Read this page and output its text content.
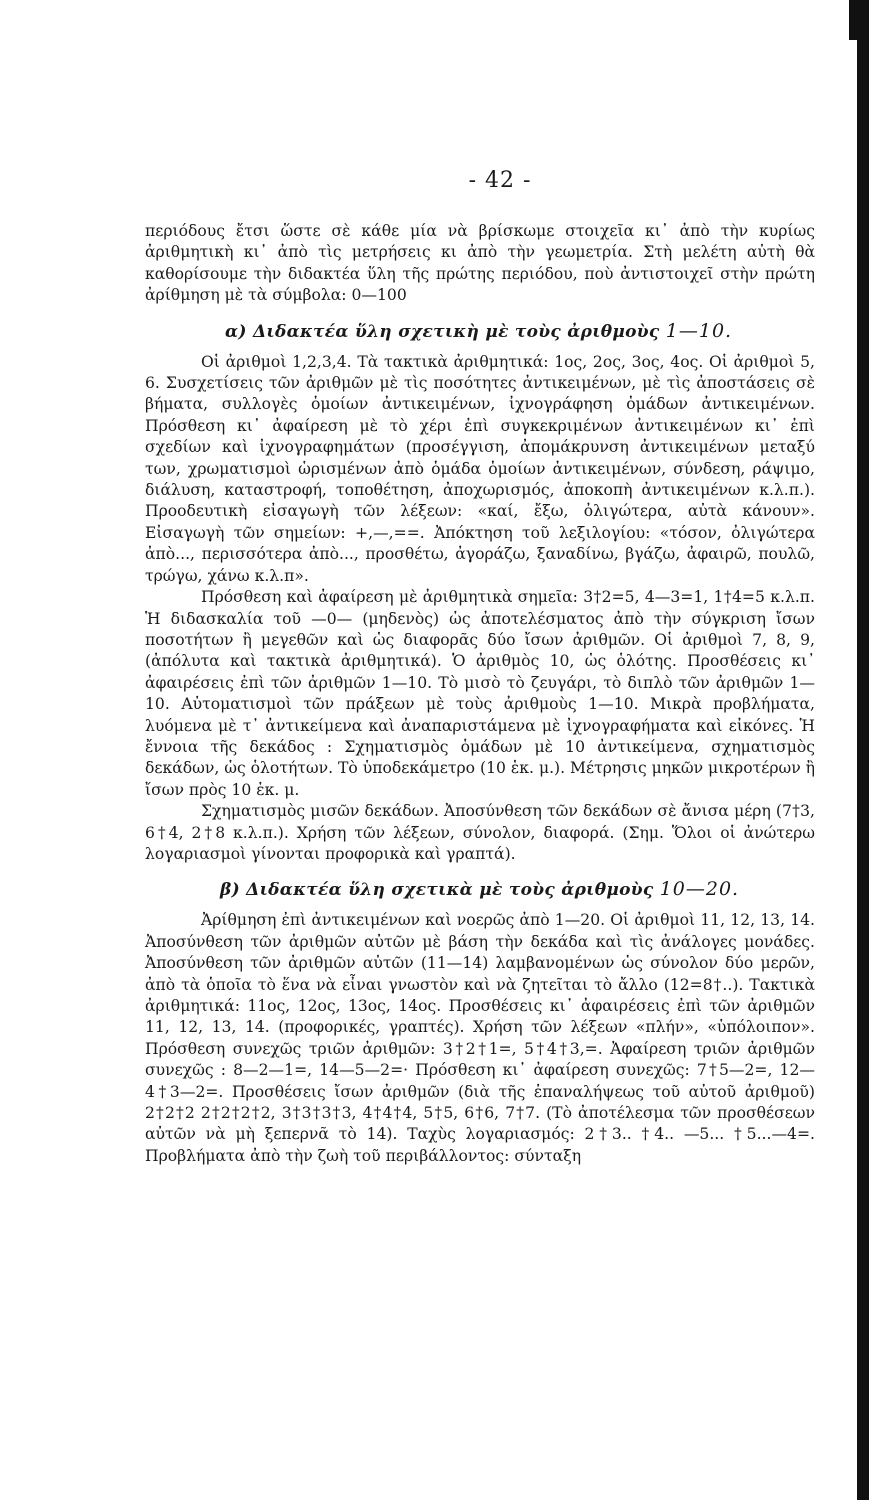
- 42 -

περιόδους ἔτσι ὥστε σὲ κάθε μία νὰ βρίσκωμε στοιχεῖα κι᾿ ἀπὸ τὴν κυρίως ἀριθμητικὴ κι᾿ ἀπὸ τὶς μετρήσεις κι ἀπὸ τὴν γεωμετρία. Στὴ μελέτη αὐτὴ θὰ καθορίσουμε τὴν διδακτέα ὕλη τῆς πρώτης περιόδου, ποὺ ἀντιστοιχεῖ στὴν πρώτη ἀρίθμηση μὲ τὰ σύμβολα: 0—100

α) Διδακτέα ὕλη σχετικὴ μὲ τοὺς ἀριθμοὺς 1—10.

Οἱ ἀριθμοὶ 1,2,3,4. Τὰ τακτικὰ ἀριθμητικά: 1ος, 2ος, 3ος, 4ος. Οἱ ἀριθμοὶ 5, 6. Συσχετίσεις τῶν ἀριθμῶν μὲ τὶς ποσότητες ἀντικειμένων, μὲ τὶς ἀποστάσεις σὲ βήματα, συλλογὲς ὁμοίων ἀντικειμένων, ἰχνογράφηση ὁμάδων ἀντικειμένων. Πρόσθεση κι᾿ ἀφαίρεση μὲ τὸ χέρι ἐπὶ συγκεκριμένων ἀντικειμένων κι᾿ ἐπὶ σχεδίων καὶ ἰχνογραφημάτων (προσέγγιση, ἀπομάκρυνση ἀντικειμένων μεταξύ των, χρωματισμοὶ ὡρισμένων ἀπὸ ὁμάδα ὁμοίων ἀντικειμένων, σύνδεση, ράψιμο, διάλυση, καταστροφή, τοποθέτηση, ἀποχωρισμός, ἀποκοπὴ ἀντικειμένων κ.λ.π.). Προοδευτικὴ εἰσαγωγὴ τῶν λέξεων: «καί, ἔξω, ὀλιγώτερα, αὐτὰ κάνουν». Εἰσαγωγὴ τῶν σημείων: +,—,==. Ἀπόκτηση τοῦ λεξιλογίου: «τόσον, ὀλιγώτερα ἀπὸ..., περισσότερα ἀπὸ..., προσθέτω, ἀγοράζω, ξαναδίνω, βγάζω, ἀφαιρῶ, πουλῶ, τρώγω, χάνω κ.λ.π».

Πρόσθεση καὶ ἀφαίρεση μὲ ἀριθμητικὰ σημεῖα: 3†2=5, 4—3=1, 1†4=5 κ.λ.π. Ἡ διδασκαλία τοῦ —0— (μηδενὸς) ὡς ἀποτελέσματος ἀπὸ τὴν σύγκριση ἴσων ποσοτήτων ἢ μεγεθῶν καὶ ὡς διαφορᾶς δύο ἴσων ἀριθμῶν. Οἱ ἀριθμοὶ 7, 8, 9, (ἀπόλυτα καὶ τακτικὰ ἀριθμητικά). Ὁ ἀριθμὸς 10, ὡς ὁλότης. Προσθέσεις κι᾿ ἀφαιρέσεις ἐπὶ τῶν ἀριθμῶν 1—10. Τὸ μισὸ τὸ ζευγάρι, τὸ διπλὸ τῶν ἀριθμῶν 1—10. Αὐτοματισμοὶ τῶν πράξεων μὲ τοὺς ἀριθμοὺς 1—10. Μικρὰ προβλήματα, λυόμενα μὲ τ᾿ ἀντικείμενα καὶ ἀναπαριστάμενα μὲ ἰχνογραφήματα καὶ εἰκόνες. Ἡ ἔννοια τῆς δεκάδος : Σχηματισμὸς ὁμάδων μὲ 10 ἀντικείμενα, σχηματισμὸς δεκάδων, ὡς ὁλοτήτων. Τὸ ὑποδεκάμετρο (10 ἑκ. μ.). Μέτρησις μηκῶν μικροτέρων ἢ ἴσων πρὸς 10 ἑκ. μ.

Σχηματισμὸς μισῶν δεκάδων. Ἀποσύνθεση τῶν δεκάδων σὲ ἄνισα μέρη (7†3, 6†4, 2†8 κ.λ.π.). Χρήση τῶν λέξεων, σύνολον, διαφορά. (Σημ. Ὅλοι οἱ ἀνώτερω λογαριασμοὶ γίνονται προφορικὰ καὶ γραπτά).

β) Διδακτέα ὕλη σχετικὰ μὲ τοὺς ἀριθμοὺς 10—20.

Ἀρίθμηση ἐπὶ ἀντικειμένων καὶ νοερῶς ἀπὸ 1—20. Οἱ ἀριθμοὶ 11, 12, 13, 14. Ἀποσύνθεση τῶν ἀριθμῶν αὐτῶν μὲ βάση τὴν δεκάδα καὶ τὶς ἀνάλογες μονάδες. Ἀποσύνθεση τῶν ἀριθμῶν αὐτῶν (11—14) λαμβανομένων ὡς σύνολον δύο μερῶν, ἀπὸ τὰ ὁποῖα τὸ ἕνα νὰ εἶναι γνωστὸν καὶ νὰ ζητεῖται τὸ ἄλλο (12=8†..). Τακτικὰ ἀριθμητικά: 11ος, 12ος, 13ος, 14ος. Προσθέσεις κι᾿ ἀφαιρέσεις ἐπὶ τῶν ἀριθμῶν 11, 12, 13, 14. (προφορικές, γραπτές). Χρήση τῶν λέξεων «πλήν», «ὑπόλοιπον». Πρόσθεση συνεχῶς τριῶν ἀριθμῶν: 3†2†1=, 5†4†3,=. Ἀφαίρεση τριῶν ἀριθμῶν συνεχῶς : 8—2—1=, 14—5—2=· Πρόσθεση κι᾿ ἀφαίρεση συνεχῶς: 7†5—2=, 12—4†3—2=. Προσθέσεις ἴσων ἀριθμῶν (διὰ τῆς ἐπαναλήψεως τοῦ αὐτοῦ ἀριθμοῦ) 2†2†2 2†2†2†2, 3†3†3†3, 4†4†4, 5†5, 6†6, 7†7. (Τὸ ἀποτέλεσμα τῶν προσθέσεων αὐτῶν νὰ μὴ ξεπερνᾶ τὸ 14). Ταχὺς λογαριασμός: 2†3.. †4.. —5... †5...—4=. Προβλήματα ἀπὸ τὴν ζωὴ τοῦ περιβάλλοντος: σύνταξη
